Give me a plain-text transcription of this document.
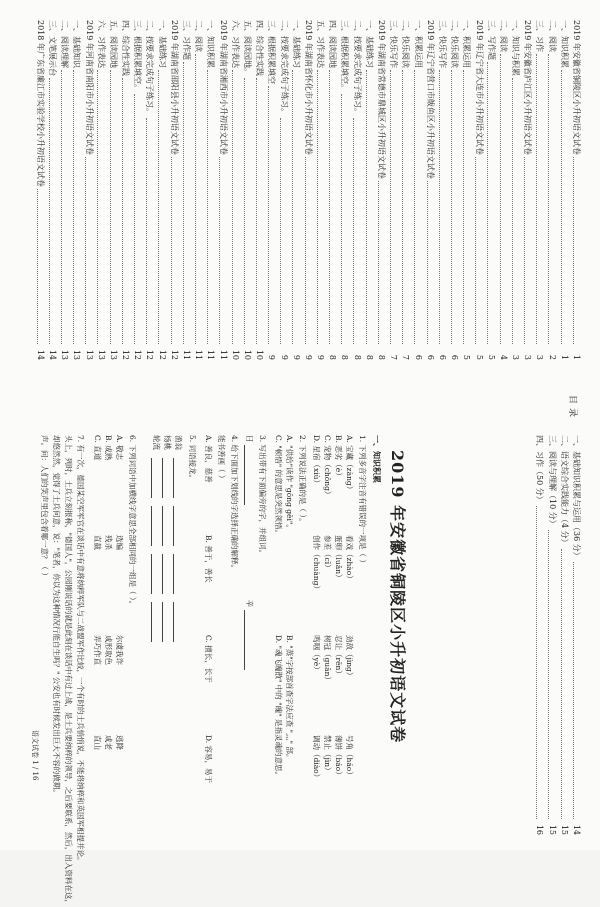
目录
2019 年安徽省铜陵区小升初语文试卷
1
一、知识积累
1
二、阅读
2
三、习作
3
2019 年安徽省庐江区小升初语文试卷
3
一、知识与积累
3
二、阅读
4
三、写作题
5
2019 年辽宁省大连市小升初语文试卷
5
一、积累运用
5
二、快乐阅读
6
三、快乐写作
6
2019 年辽宁省营口市鲅鱼区小升初语文试卷
6
一、积累运用
6
二、快乐阅读
7
三、快乐写作
7
2019 年湖南省常德市鼎城区小升初语文试卷
8
一、基础练习
8
二、按要求完成句子练习。
8
三、根据积累填空。
8
四、阅读园地
8
五、习作表达
9
2019 年湖南省怀化市小升初语文试卷
9
一、基础练习
9
二、按要求完成句子练习。
9
三、根据积累填空
9
四、综合性实践
10
五、阅读园地。
10
六、习作表达
10
2019 年湖南省湘西市小升初语文试卷
11
一、知识积累
11
二、阅读
11
三、习作题
11
2019 年湖南省邵阳县小升初语文试卷
12
一、基础练习
12
二、按要求完成句子练习。
12
三、根据积累填空。
12
四、综合性实践
12
五、阅读园地
13
六、习作表达
13
2019 年河南省南阳市小升初语文试卷
13
一、基础知识
13
二、阅读理解
13
三、文笔展示台
14
2018 年广东省廉江市实验学校小升初语文试卷
14
一、基础知识积累与运用（36 分）
14
二、语文综合实践能力（4 分）
15
三、阅读与理解（10 分）
15
四、习作（50 分）
16
2019 年安徽省铜陵区小升初语文试卷
一、知识积累
1. 下列多音字注音有错误的一项是（ ）
A. 宝藏（zàng）
看戏（zhào）
劲敌（jìng）
号角（háo）
B. 恶劣（è）
蛋卵（luǎn）
忍让（rěn）
薄饼（báo）
C. 宠物（chǒng）
参差（cī）
树冠（guān）
禁止（jìn）
D. 星宿（xiù）
创作（chuàng）
鸣咽（yè）
调动（diào）
2. 下列说法正确的是（ ）。
A. "供给"读作 "gōng gěi"。
B. "蒸"字按部首查字法应查 "灬" 部。
C. "顿悟" 的意思是突然领悟。
D. "魂飞魄散" 中的 "魄" 是指灵魂的意思。
3. 写出带有下面偏旁的字，并组词。
日   辛
4. 给下面加下划线的字选择正确的解释。
能书善画（ ）
A. 善良，慈善
B. 善于，善长
C. 擅长，长于
D. 容易，易于
5. 词语接龙。
渔翁
杨桃
轮流
6. 下列词语中加横线字意思全部相同的一组是（ ）。
A. 敬志
选编
尔虞我诈
逃降
B. 成熟
残杀
成形取色
成老
C. 直道
直截
弄巧作直
直山
7. 有一次，德国某空军军官在谈话中有意将纳粹军队与二战盟军作比较，一个有时的士兵悄悄说，不能将纳粹和英国军相提并论。
头上，列时，土兵立刻报称，"德国人"，公园刚说话的就是此刻在谈话中有过上战，是土兵要纳粹的领导，之后要联系，然后，出入资料在这，
却悠然然，觉得了土兵何意，说："笔者，你以为这种情况行能自生吗？" 公安也有时候发出巨大不容的做期。
声。问：人们的笑声里包含着哪一意？（ ）
语文试卷 1 / 16
